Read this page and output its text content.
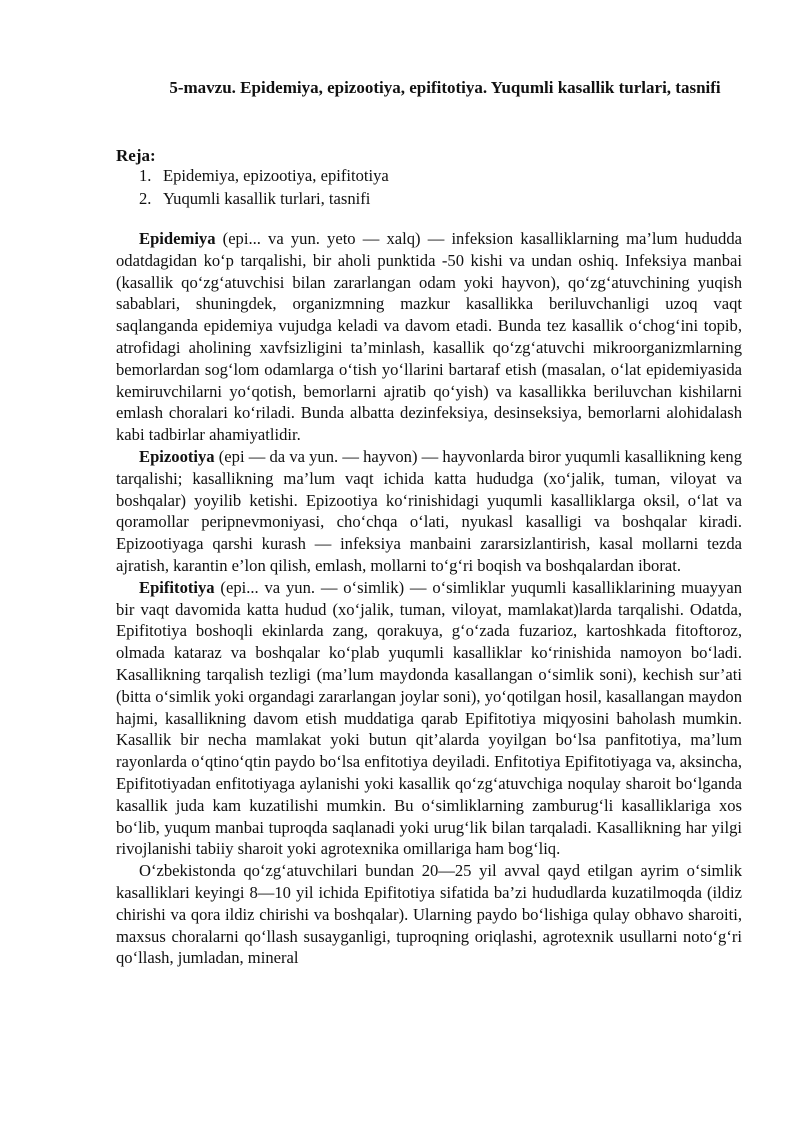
5-mavzu. Epidemiya, epizootiya, epifitotiya. Yuqumli kasallik turlari, tasnifi
Reja:
1. Epidemiya, epizootiya, epifitotiya
2. Yuqumli kasallik turlari, tasnifi

Epidemiya (epi... va yun. yeto — xalq) — infeksion kasalliklarning ma’lum hududda odatdagidan ko‘p tarqalishi, bir aholi punktida -50 kishi va undan oshiq. Infeksiya manbai (kasallik qo‘zg‘atuvchisi bilan zararlangan odam yoki hayvon), qo‘zg‘atuvchining yuqish sabablari, shuningdek, organizmning mazkur kasallikka beriluvchanligi uzoq vaqt saqlanganda epidemiya vujudga keladi va davom etadi. Bunda tez kasallik o‘chog‘ini topib, atrofidagi aholining xavfsizligini ta’minlash, kasallik qo‘zg‘atuvchi mikroorganizmlarning bemorlardan sog‘lom odamlarga o‘tish yo‘llarini bartaraf etish (masalan, o‘lat epidemiyasida kemiruvchilarni yo‘qotish, bemorlarni ajratib qo‘yish) va kasallikka beriluvchan kishilarni emlash choralari ko‘riladi. Bunda albatta dezinfeksiya, desinseksiya, bemorlarni alohidalash kabi tadbirlar ahamiyatlidir.

Epizootiya (epi — da va yun. — hayvon) — hayvonlarda biror yuqumli kasallikning keng tarqalishi; kasallikning ma’lum vaqt ichida katta hududga (xo‘jalik, tuman, viloyat va boshqalar) yoyilib ketishi. Epizootiya ko‘rinishidagi yuqumli kasalliklarga oksil, o‘lat va qoramollar peripnevmoniyasi, cho‘chqa o‘lati, nyukasl kasalligi va boshqalar kiradi. Epizootiyaga qarshi kurash — infeksiya manbaini zararsizlantirish, kasal mollarni tezda ajratish, karantin e’lon qilish, emlash, mollarni to‘g‘ri boqish va boshqalardan iborat.

Epifitotiya (epi... va yun. — o‘simlik) — o‘simliklar yuqumli kasalliklarining muayyan bir vaqt davomida katta hudud (xo‘jalik, tuman, viloyat, mamlakat)larda tarqalishi. Odatda, Epifitotiya boshoqli ekinlarda zang, qorakuya, g‘o‘zada fuzarioz, kartoshkada fitoftoroz, olmada kataraz va boshqalar ko‘plab yuqumli kasalliklar ko‘rinishida namoyon bo‘ladi. Kasallikning tarqalish tezligi (ma’lum maydonda kasallangan o‘simlik soni), kechish sur’ati (bitta o‘simlik yoki organdagi zararlangan joylar soni), yo‘qotilgan hosil, kasallangan maydon hajmi, kasallikning davom etish muddatiga qarab Epifitotiya miqyosini baholash mumkin. Kasallik bir necha mamlakat yoki butun qit’alarda yoyilgan bo‘lsa panfitotiya, ma’lum rayonlarda o‘qtino‘qtin paydo bo‘lsa enfitotiya deyiladi. Enfitotiya Epifitotiyaga va, aksincha, Epifitotiyadan enfitotiyaga aylanishi yoki kasallik qo‘zg‘atuvchiga noqulay sharoit bo‘lganda kasallik juda kam kuzatilishi mumkin. Bu o‘simliklarning zamburug‘li kasalliklariga xos bo‘lib, yuqum manbai tuproqda saqlanadi yoki urug‘lik bilan tarqaladi. Kasallikning har yilgi rivojlanishi tabiiy sharoit yoki agrotexnika omillariga ham bog‘liq.

O‘zbekistonda qo‘zg‘atuvchilari bundan 20—25 yil avval qayd etilgan ayrim o‘simlik kasalliklari keyingi 8—10 yil ichida Epifitotiya sifatida ba’zi hududlarda kuzatilmoqda (ildiz chirishi va qora ildiz chirishi va boshqalar). Ularning paydo bo‘lishiga qulay obhavo sharoiti, maxsus choralarni qo‘llash susayganligi, tuproqning oriqlashi, agrotexnik usullarni noto‘g‘ri qo‘llash, jumladan, mineral
